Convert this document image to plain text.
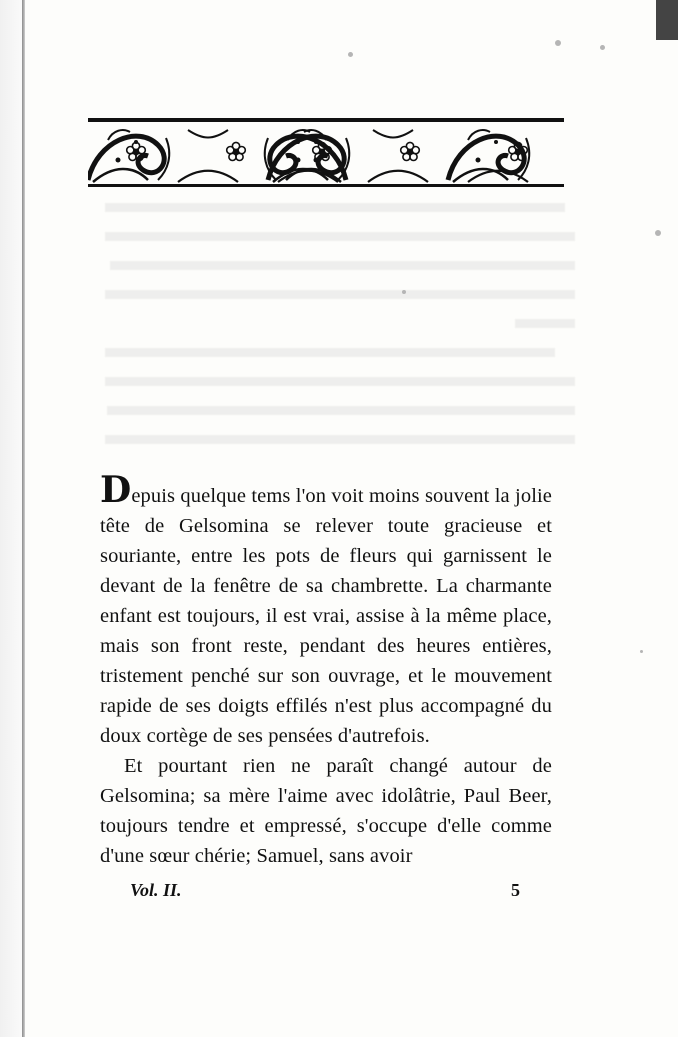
Depuis quelque tems l'on voit moins souvent la jolie tête de Gelsomina se relever toute gracieuse et souriante, entre les pots de fleurs qui garnissent le devant de la fenêtre de sa chambrette. La charmante enfant est toujours, il est vrai, assise à la même place, mais son front reste, pendant des heures entières, tristement penché sur son ouvrage, et le mouvement rapide de ses doigts effilés n'est plus accompagné du doux cortège de ses pensées d'autrefois.

Et pourtant rien ne paraît changé autour de Gelsomina; sa mère l'aime avec idolâtrie, Paul Beer, toujours tendre et empressé, s'occupe d'elle comme d'une sœur chérie; Samuel, sans avoir

Vol. II.	5
